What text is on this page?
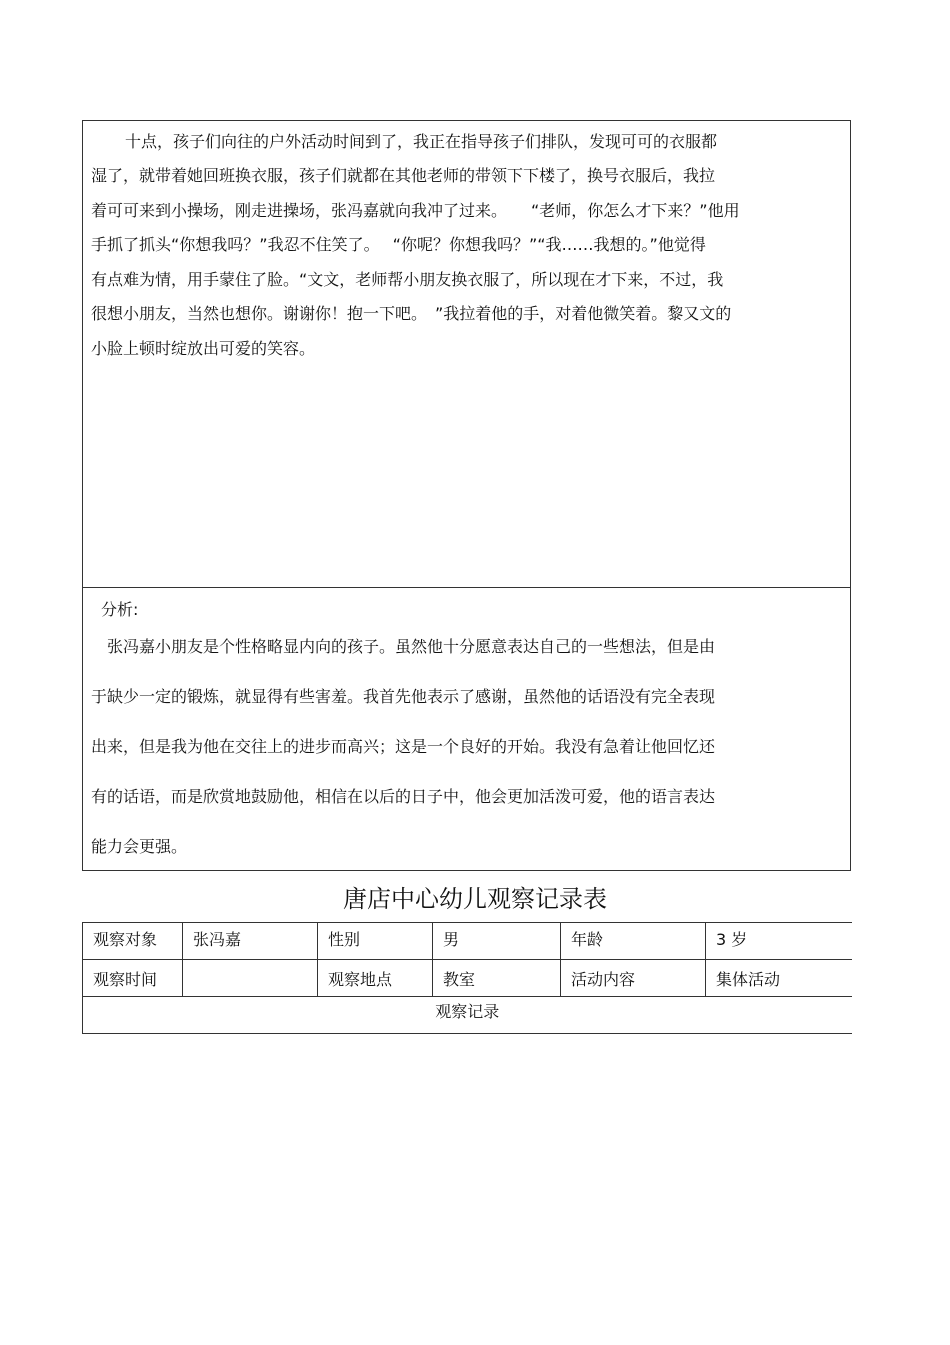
　　十点，孩子们向往的户外活动时间到了，我正在指导孩子们排队，发现可可的衣服都
湿了，就带着她回班换衣服，孩子们就都在其他老师的带领下下楼了，换号衣服后，我拉
着可可来到小操场，刚走进操场，张冯嘉就向我冲了过来。　　“老师，你怎么才下来？”他用
手抓了抓头“你想我吗？”我忍不住笑了。　 “你呢？你想我吗？”“我……我想的。”他觉得
有点难为情，用手蒙住了脸。“文文，老师帮小朋友换衣服了，所以现在才下来，不过，我
很想小朋友，当然也想你。谢谢你！抱一下吧。　”我拉着他的手，对着他微笑着。黎又文的
小脸上顿时绽放出可爱的笑容。
分析:
　张冯嘉小朋友是个性格略显内向的孩子。虽然他十分愿意表达自己的一些想法，但是由
于缺少一定的锻炼，就显得有些害羞。我首先他表示了感谢，虽然他的话语没有完全表现
出来，但是我为他在交往上的进步而高兴；这是一个良好的开始。我没有急着让他回忆还
有的话语，而是欣赏地鼓励他，相信在以后的日子中，他会更加活泼可爱，他的语言表达
能力会更强。
唐店中心幼儿观察记录表
观察对象	张冯嘉	性别	男	年龄	3 岁
观察时间		观察地点	教室	活动内容	集体活动
观察记录					
